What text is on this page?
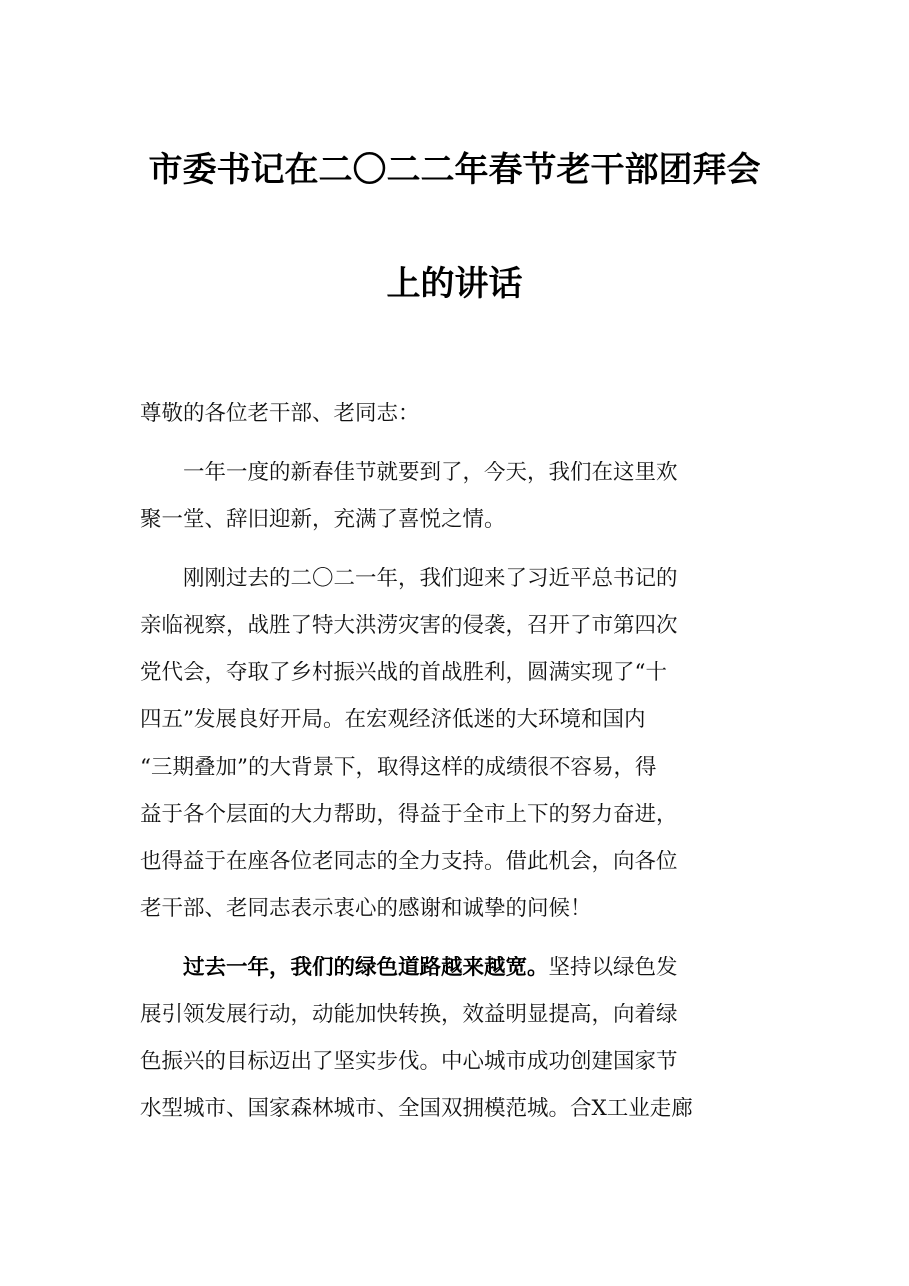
市委书记在二〇二二年春节老干部团拜会
上的讲话
尊敬的各位老干部、老同志：
　　一年一度的新春佳节就要到了，今天，我们在这里欢
聚一堂、辞旧迎新，充满了喜悦之情。
　　刚刚过去的二〇二一年，我们迎来了习近平总书记的
亲临视察，战胜了特大洪涝灾害的侵袭，召开了市第四次
党代会，夺取了乡村振兴战的首战胜利，圆满实现了“十
四五”发展良好开局。在宏观经济低迷的大环境和国内
“三期叠加”的大背景下，取得这样的成绩很不容易，得
益于各个层面的大力帮助，得益于全市上下的努力奋进，
也得益于在座各位老同志的全力支持。借此机会，向各位
老干部、老同志表示衷心的感谢和诚挚的问候！
　　过去一年，我们的绿色道路越来越宽。坚持以绿色发
展引领发展行动，动能加快转换，效益明显提高，向着绿
色振兴的目标迈出了坚实步伐。中心城市成功创建国家节
水型城市、国家森林城市、全国双拥模范城。合X工业走廊
